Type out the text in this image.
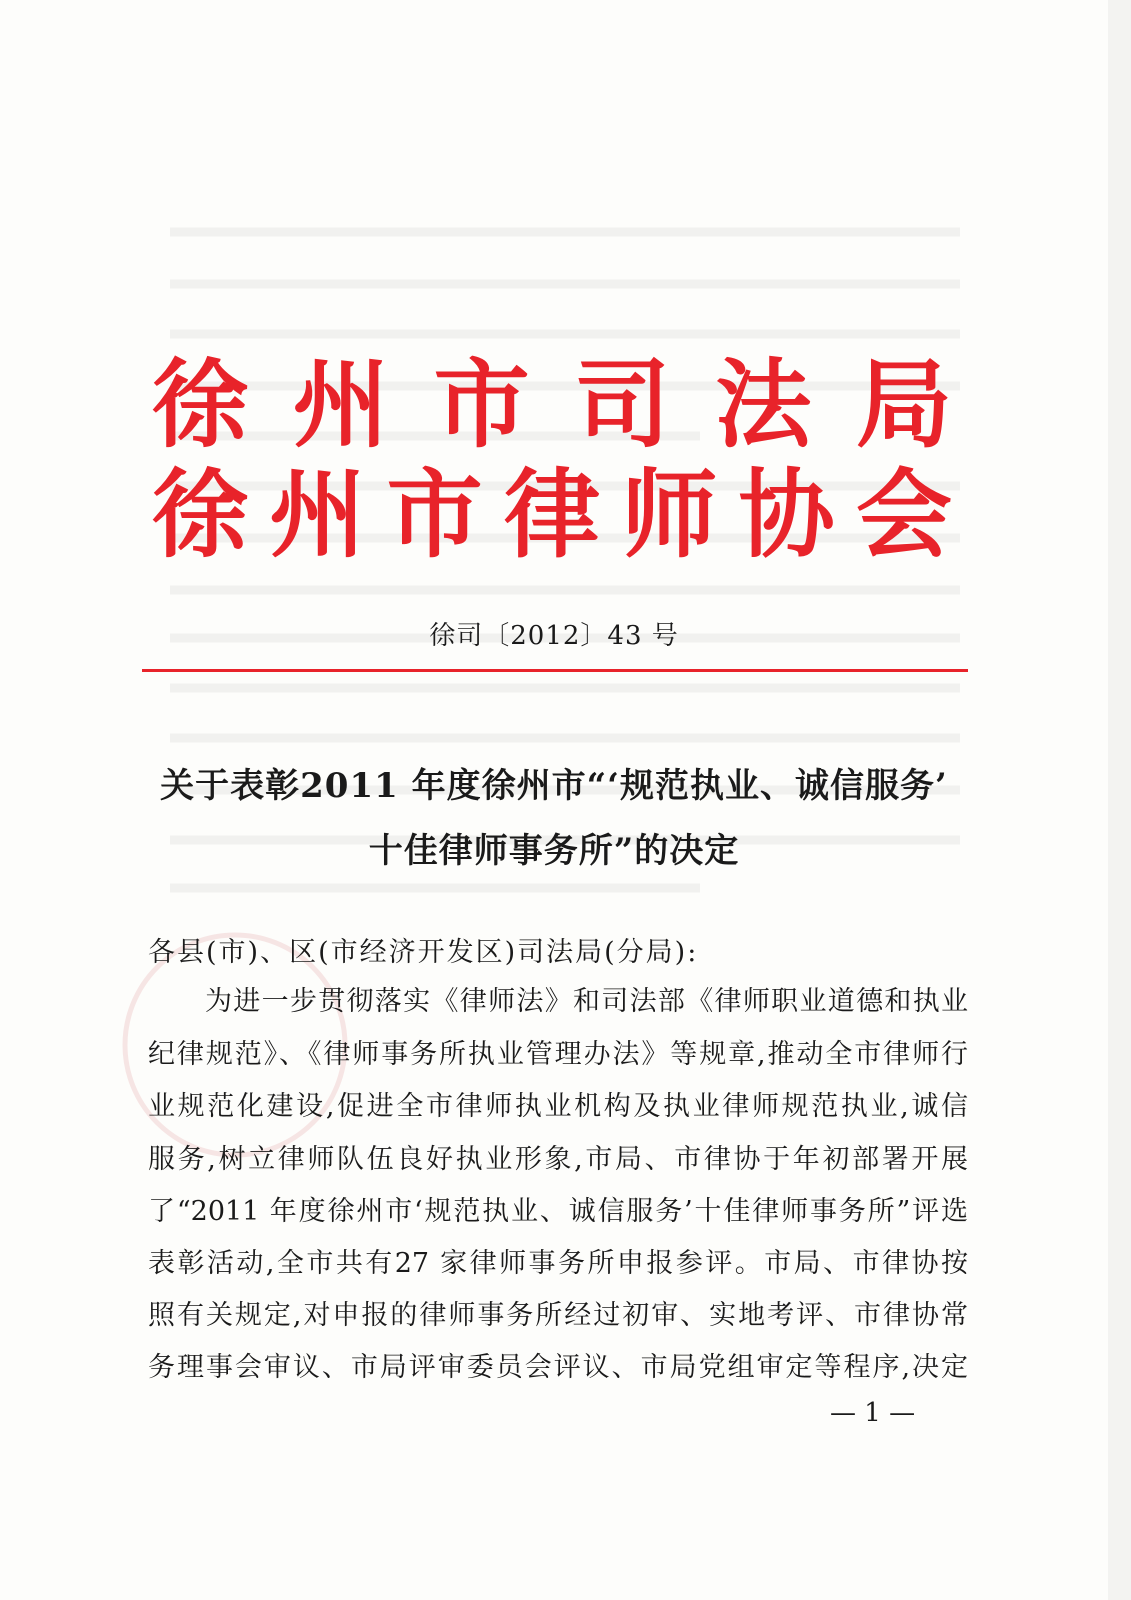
徐 州 市 司 法 局
徐 州 市 律 师 协 会
徐司〔2012〕43 号
关于表彰2011 年度徐州市“‘规范执业、诚信服务’
十佳律师事务所”的决定
各县(市)、区(市经济开发区)司法局(分局):
为进一步贯彻落实《律师法》和司法部《律师职业道德和执业
纪律规范》、《律师事务所执业管理办法》等规章,推动全市律师行
业规范化建设,促进全市律师执业机构及执业律师规范执业,诚信
服务,树立律师队伍良好执业形象,市局、市律协于年初部署开展
了“2011 年度徐州市‘规范执业、诚信服务’十佳律师事务所”评选
表彰活动,全市共有27 家律师事务所申报参评。市局、市律协按
照有关规定,对申报的律师事务所经过初审、实地考评、市律协常
务理事会审议、市局评审委员会评议、市局党组审定等程序,决定
— 1 —
